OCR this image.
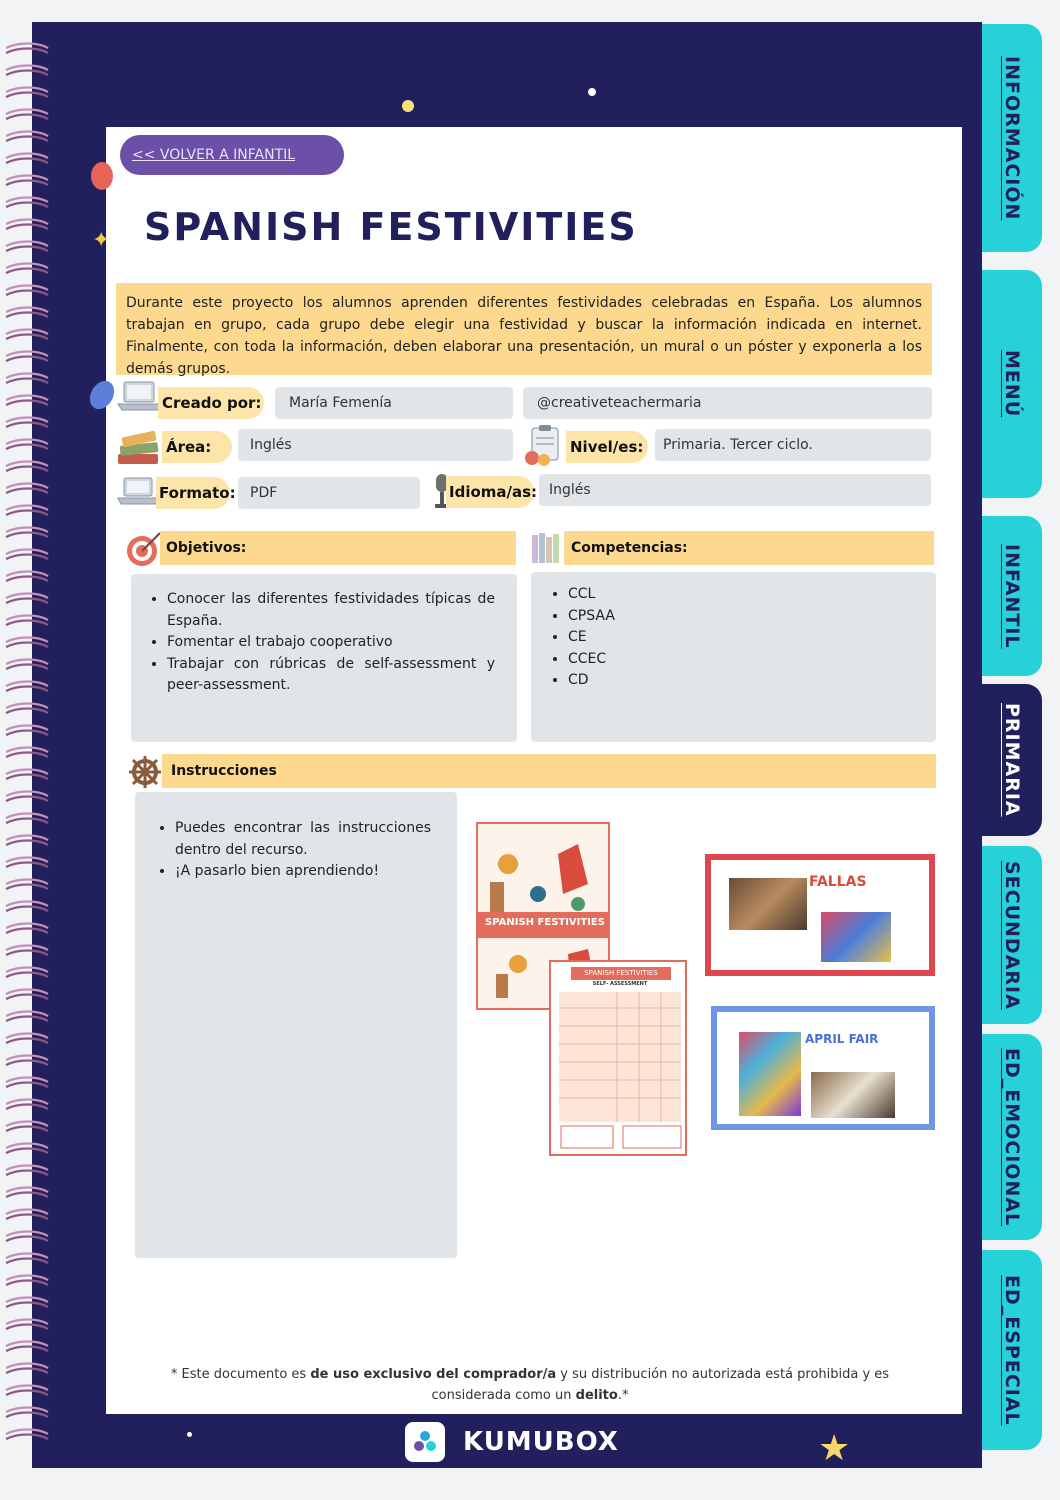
★
INFORMACIÓN
MENÚ
INFANTIL
PRIMARIA
SECUNDARIA
ED_EMOCIONAL
ED_ESPECIAL
✦
<< VOLVER A INFANTIL
SPANISH FESTIVITIES

Durante este proyecto los alumnos aprenden diferentes festividades celebradas en España. Los alumnos trabajan en grupo, cada grupo debe elegir una festividad y buscar la información indicada en internet. Finalmente, con toda la información, deben elaborar una presentación, un mural o un póster y exponerla a los demás grupos.

Creado por:	María Femenía	@creativeteachermaria
Área:	Inglés	Nivel/es:	Primaria. Tercer ciclo.
Formato:	PDF	Idioma/as: Inglés
Objetivos:
• Conocer las diferentes festividades típicas de España.
• Fomentar el trabajo cooperativo
• Trabajar con rúbricas de self-assessment y peer-assessment.
Competencias:
• CCL
• CPSAA
• CE
• CCEC
• CD
Instrucciones
• Puedes encontrar las instrucciones dentro del recurso.
• ¡A pasarlo bien aprendiendo!
SPANISH FESTIVITIES
SPANISH FESTIVITIES
SELF- ASSESSMENT
FALLAS
APRIL FAIR

* Este documento es de uso exclusivo del comprador/a y su distribución no autorizada está prohibida y es considerada como un delito.*

KUMUBOX
